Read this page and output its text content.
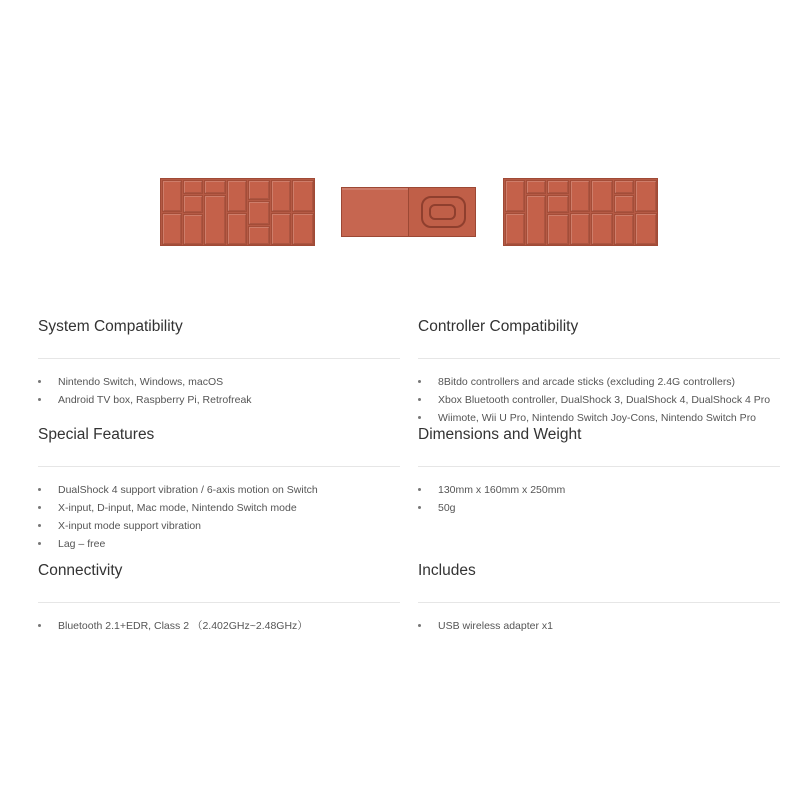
System Compatibility
Nintendo Switch, Windows, macOS
Android TV box, Raspberry Pi, Retrofreak
Controller Compatibility
8Bitdo controllers and arcade sticks (excluding 2.4G controllers)
Xbox Bluetooth controller, DualShock 3, DualShock 4, DualShock 4 Pro
Wiimote, Wii U Pro, Nintendo Switch Joy-Cons, Nintendo Switch Pro
Special Features
DualShock 4 support vibration / 6-axis motion on Switch
X-input, D-input, Mac mode, Nintendo Switch mode
X-input mode support vibration
Lag – free
Dimensions and Weight
130mm x 160mm x 250mm
50g
Connectivity
Bluetooth 2.1+EDR, Class 2 （2.402GHz~2.48GHz）
Includes
USB wireless adapter x1
